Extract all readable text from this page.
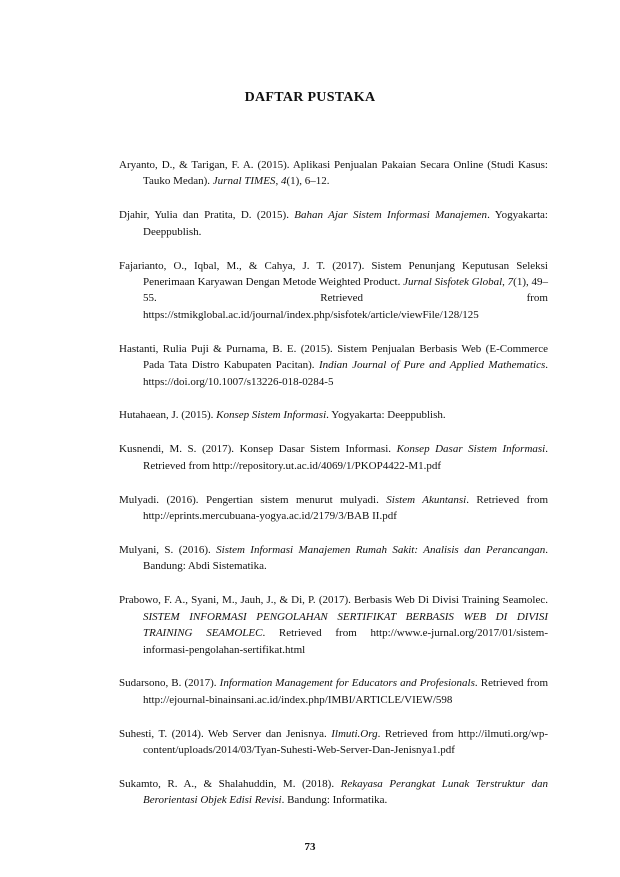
DAFTAR PUSTAKA
Aryanto, D., & Tarigan, F. A. (2015). Aplikasi Penjualan Pakaian Secara Online (Studi Kasus: Tauko Medan). Jurnal TIMES, 4(1), 6–12.
Djahir, Yulia dan Pratita, D. (2015). Bahan Ajar Sistem Informasi Manajemen. Yogyakarta: Deeppublish.
Fajarianto, O., Iqbal, M., & Cahya, J. T. (2017). Sistem Penunjang Keputusan Seleksi Penerimaan Karyawan Dengan Metode Weighted Product. Jurnal Sisfotek Global, 7(1), 49–55. Retrieved from https://stmikglobal.ac.id/journal/index.php/sisfotek/article/viewFile/128/125
Hastanti, Rulia Puji & Purnama, B. E. (2015). Sistem Penjualan Berbasis Web (E-Commerce Pada Tata Distro Kabupaten Pacitan). Indian Journal of Pure and Applied Mathematics. https://doi.org/10.1007/s13226-018-0284-5
Hutahaean, J. (2015). Konsep Sistem Informasi. Yogyakarta: Deeppublish.
Kusnendi, M. S. (2017). Konsep Dasar Sistem Informasi. Konsep Dasar Sistem Informasi. Retrieved from http://repository.ut.ac.id/4069/1/PKOP4422-M1.pdf
Mulyadi. (2016). Pengertian sistem menurut mulyadi. Sistem Akuntansi. Retrieved from http://eprints.mercubuana-yogya.ac.id/2179/3/BAB II.pdf
Mulyani, S. (2016). Sistem Informasi Manajemen Rumah Sakit: Analisis dan Perancangan. Bandung: Abdi Sistematika.
Prabowo, F. A., Syani, M., Jauh, J., & Di, P. (2017). Berbasis Web Di Divisi Training Seamolec. SISTEM INFORMASI PENGOLAHAN SERTIFIKAT BERBASIS WEB DI DIVISI TRAINING SEAMOLEC. Retrieved from http://www.e-jurnal.org/2017/01/sistem-informasi-pengolahan-sertifikat.html
Sudarsono, B. (2017). Information Management for Educators and Profesionals. Retrieved from http://ejournal-binainsani.ac.id/index.php/IMBI/ARTICLE/VIEW/598
Suhesti, T. (2014). Web Server dan Jenisnya. Ilmuti.Org. Retrieved from http://ilmuti.org/wp-content/uploads/2014/03/Tyan-Suhesti-Web-Server-Dan-Jenisnya1.pdf
Sukamto, R. A., & Shalahuddin, M. (2018). Rekayasa Perangkat Lunak Terstruktur dan Berorientasi Objek Edisi Revisi. Bandung: Informatika.
73
